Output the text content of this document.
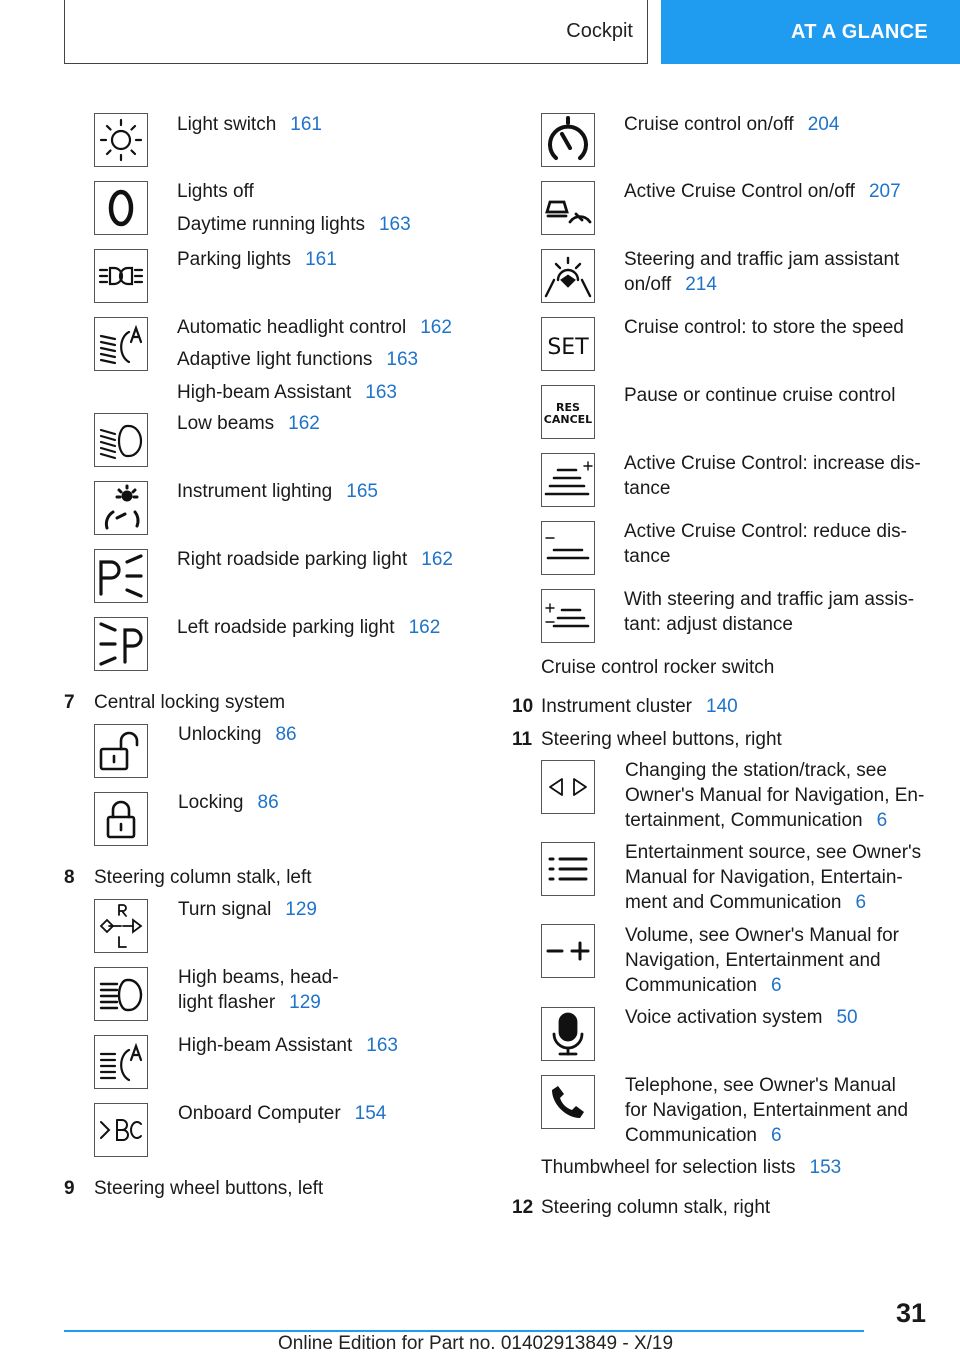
Cockpit	AT A GLANCE
Light switch 161
Lights off
Daytime running lights 163
Parking lights 161
Automatic headlight control 162
Adaptive light functions 163
High-beam Assistant 163
Low beams 162
Instrument lighting 165
Right roadside parking light 162
Left roadside parking light 162
7 Central locking system
Unlocking 86
Locking 86
8 Steering column stalk, left
Turn signal 129
High beams, head-
light flasher 129
High-beam Assistant 163
Onboard Computer 154
9 Steering wheel buttons, left
Cruise control on/off 204
Active Cruise Control on/off 207
Steering and traffic jam assistant
on/off 214
SET
Cruise control: to store the speed
RES
CANCEL
Pause or continue cruise control
Active Cruise Control: increase dis-
tance
Active Cruise Control: reduce dis-
tance
With steering and traffic jam assis-
tant: adjust distance
Cruise control rocker switch
10 Instrument cluster 140
11 Steering wheel buttons, right
Changing the station/track, see
Owner's Manual for Navigation, En-
tertainment, Communication 6
Entertainment source, see Owner's
Manual for Navigation, Entertain-
ment and Communication 6
Volume, see Owner's Manual for
Navigation, Entertainment and
Communication 6
Voice activation system 50
Telephone, see Owner's Manual
for Navigation, Entertainment and
Communication 6
Thumbwheel for selection lists 153
12 Steering column stalk, right
31
Online Edition for Part no. 01402913849 - X/19
